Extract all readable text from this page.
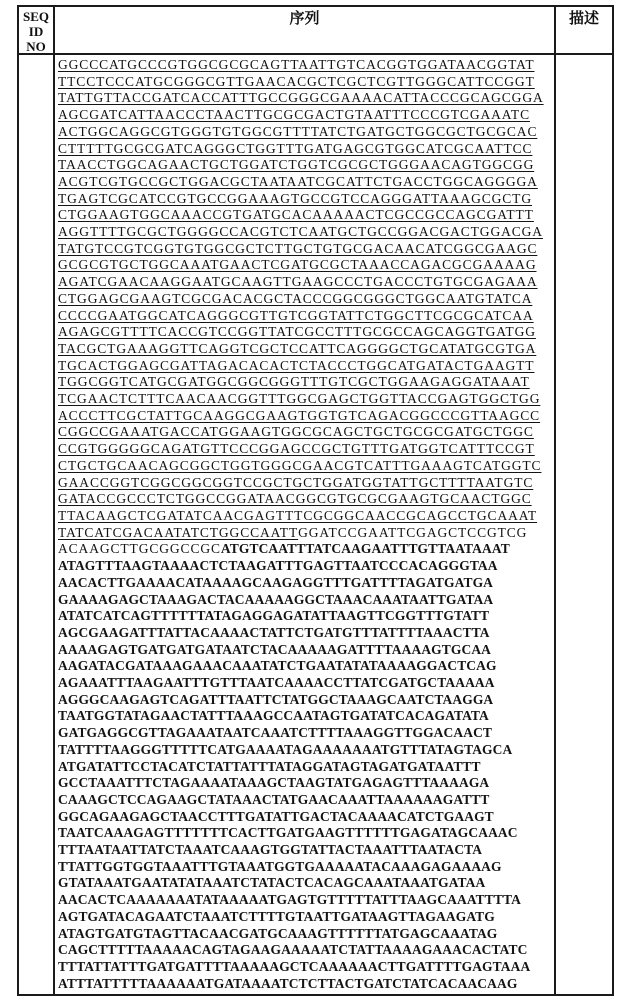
SEQ
ID
NO
序列	描述
GGCCCATGCCCGTGGCGCGCAGTTAATTGTCACGGTGGATAACGGTAT
TTCCTCCCATGCGGGCGTTGAACACGCTCGCTCGTTGGGCATTCCGGT
TATTGTTACCGATCACCATTTGCCGGGCGAAAACATTACCCGCAGCGGA
AGCGATCATTAACCCTAACTTGCGCGACTGTAATTTCCCGTCGAAATC
ACTGGCAGGCGTGGGTGTGGCGTTTTATCTGATGCTGGCGCTGCGCAC
CTTTTTGCGCGATCAGGGCTGGTTTGATGAGCGTGGCATCGCAATTCC
TAACCTGGCAGAACTGCTGGATCTGGTCGCGCTGGGAACAGTGGCGG
ACGTCGTGCCGCTGGACGCTAATAATCGCATTCTGACCTGGCAGGGGA
TGAGTCGCATCCGTGCCGGAAAGTGCCGTCCAGGGATTAAAGCGCTG
CTGGAAGTGGCAAACCGTGATGCACAAAAACTCGCCGCCAGCGATTT
AGGTTTTGCGCTGGGGCCACGTCTCAATGCTGCCGGACGACTGGACGA
TATGTCCGTCGGTGTGGCGCTCTTGCTGTGCGACAACATCGGCGAAGC
GCGCGTGCTGGCAAATGAACTCGATGCGCTAAACCAGACGCGAAAAG
AGATCGAACAAGGAATGCAAGTTGAAGCCCTGACCCTGTGCGAGAAA
CTGGAGCGAAGTCGCGACACGCTACCCGGCGGGCTGGCAATGTATCA
CCCCGAATGGCATCAGGGCGTTGTCGGTATTCTGGCTTCGCGCATCAA
AGAGCGTTTTCACCGTCCGGTTATCGCCTTTGCGCCAGCAGGTGATGG
TACGCTGAAAGGTTCAGGTCGCTCCATTCAGGGGCTGCATATGCGTGA
TGCACTGGAGCGATTAGACACACTCTACCCTGGCATGATACTGAAGTT
TGGCGGTCATGCGATGGCGGCGGGTTTGTCGCTGGAAGAGGATAAAT
TCGAACTCTTTCAACAACGGTTTGGCGAGCTGGTTACCGAGTGGCTGG
ACCCTTCGCTATTGCAAGGCGAAGTGGTGTCAGACGGCCCGTTAAGCC
CGGCCGAAATGACCATGGAAGTGGCGCAGCTGCTGCGCGATGCTGGC
CCGTGGGGGCAGATGTTCCCGGAGCCGCTGTTTGATGGTCATTTCCGT
CTGCTGCAACAGCGGCTGGTGGGCGAACGTCATTTGAAAGTCATGGTC
GAACCGGTCGGCGGCGGTCCGCTGCTGGATGGTATTGCTTTTAATGTC
GATACCGCCCTCTGGCCGGATAACGGCGTGCGCGAAGTGCAACTGGC
TTACAAGCTCGATATCAACGAGTTTCGCGGCAACCGCAGCCTGCAAAT
TATCATCGACAATATCTGGCCAATTGGATCCGAATTCGAGCTCCGTCG
ACAAGCTTGCGGCCGCATGTCAATTTATCAAGAATTTGTTAATAAAT
ATAGTTTAAGTAAAACTCTAAGATTTGAGTTAATCCCACAGGGTAA
AACACTTGAAAACATAAAAGCAAGAGGTTTGATTTTAGATGATGA
GAAAAGAGCTAAAGACTACAAAAAGGCTAAACAAATAATTGATAA
ATATCATCAGTTTTTTATAGAGGAGATATTAAGTTCGGTTTGTATT
AGCGAAGATTTATTACAAAACTATTCTGATGTTTATTTTAAACTTA
AAAAGAGTGATGATGATAATCTACAAAAAGATTTTAAAAGTGCAA
AAGATACGATAAAGAAACAAATATCTGAATATATAAAAGGACTCAG
AGAAATTTAAGAATTTGTTTAATCAAAACCTTATCGATGCTAAAAA
AGGGCAAGAGTCAGATTTAATTCTATGGCTAAAGCAATCTAAGGA
TAATGGTATAGAACTATTTAAAGCCAATAGTGATATCACAGATATA
GATGAGGCGTTAGAAATAATCAAATCTTTTAAAGGTTGGACAACT
TATTTTAAGGGTTTTTCATGAAAATAGAAAAAAATGTTTATAGTAGCA
ATGATATTCCTACATCTATTATTTATAGGATAGTAGATGATAATTT
GCCTAAATTTCTAGAAAATAAAGCTAAGTATGAGAGTTTAAAAGA
CAAAGCTCCAGAAGCTATAAACTATGAACAAATTAAAAAAGATTT
GGCAGAAGAGCTAACCTTTGATATTGACTACAAAACATCTGAAGT
TAATCAAAGAGTTTTTTTCACTTGATGAAGTTTTTTGAGATAGCAAAC
TTTAATAATTATCTAAATCAAAGTGGTATTACTAAATTTAATACTA
TTATTGGTGGTAAATTTGTAAATGGTGAAAAATACAAAGAGAAAAG
GTATAAATGAATATATAAATCTATACTCACAGCAAATAAATGATAA
AACACTCAAAAAAATATAAAAATGAGTGTTTTTATTTAAGCAAATTTTA
AGTGATACAGAATCTAAATCTTTTGTAATTGATAAGTTAGAAGATG
ATAGTGATGTAGTTACAACGATGCAAAGTTTTTTATGAGCAAATAG
CAGCTTTTTAAAAACAGTAGAAGAAAAATCTATTAAAAGAAACACTATC
TTTATTATTTGATGATTTTAAAAAGCTCAAAAAACTTGATTTTGAGTAAA
ATTTATTTTTAAAAAATGATAAAATCTCTTACTGATCTATCACAACAAG
